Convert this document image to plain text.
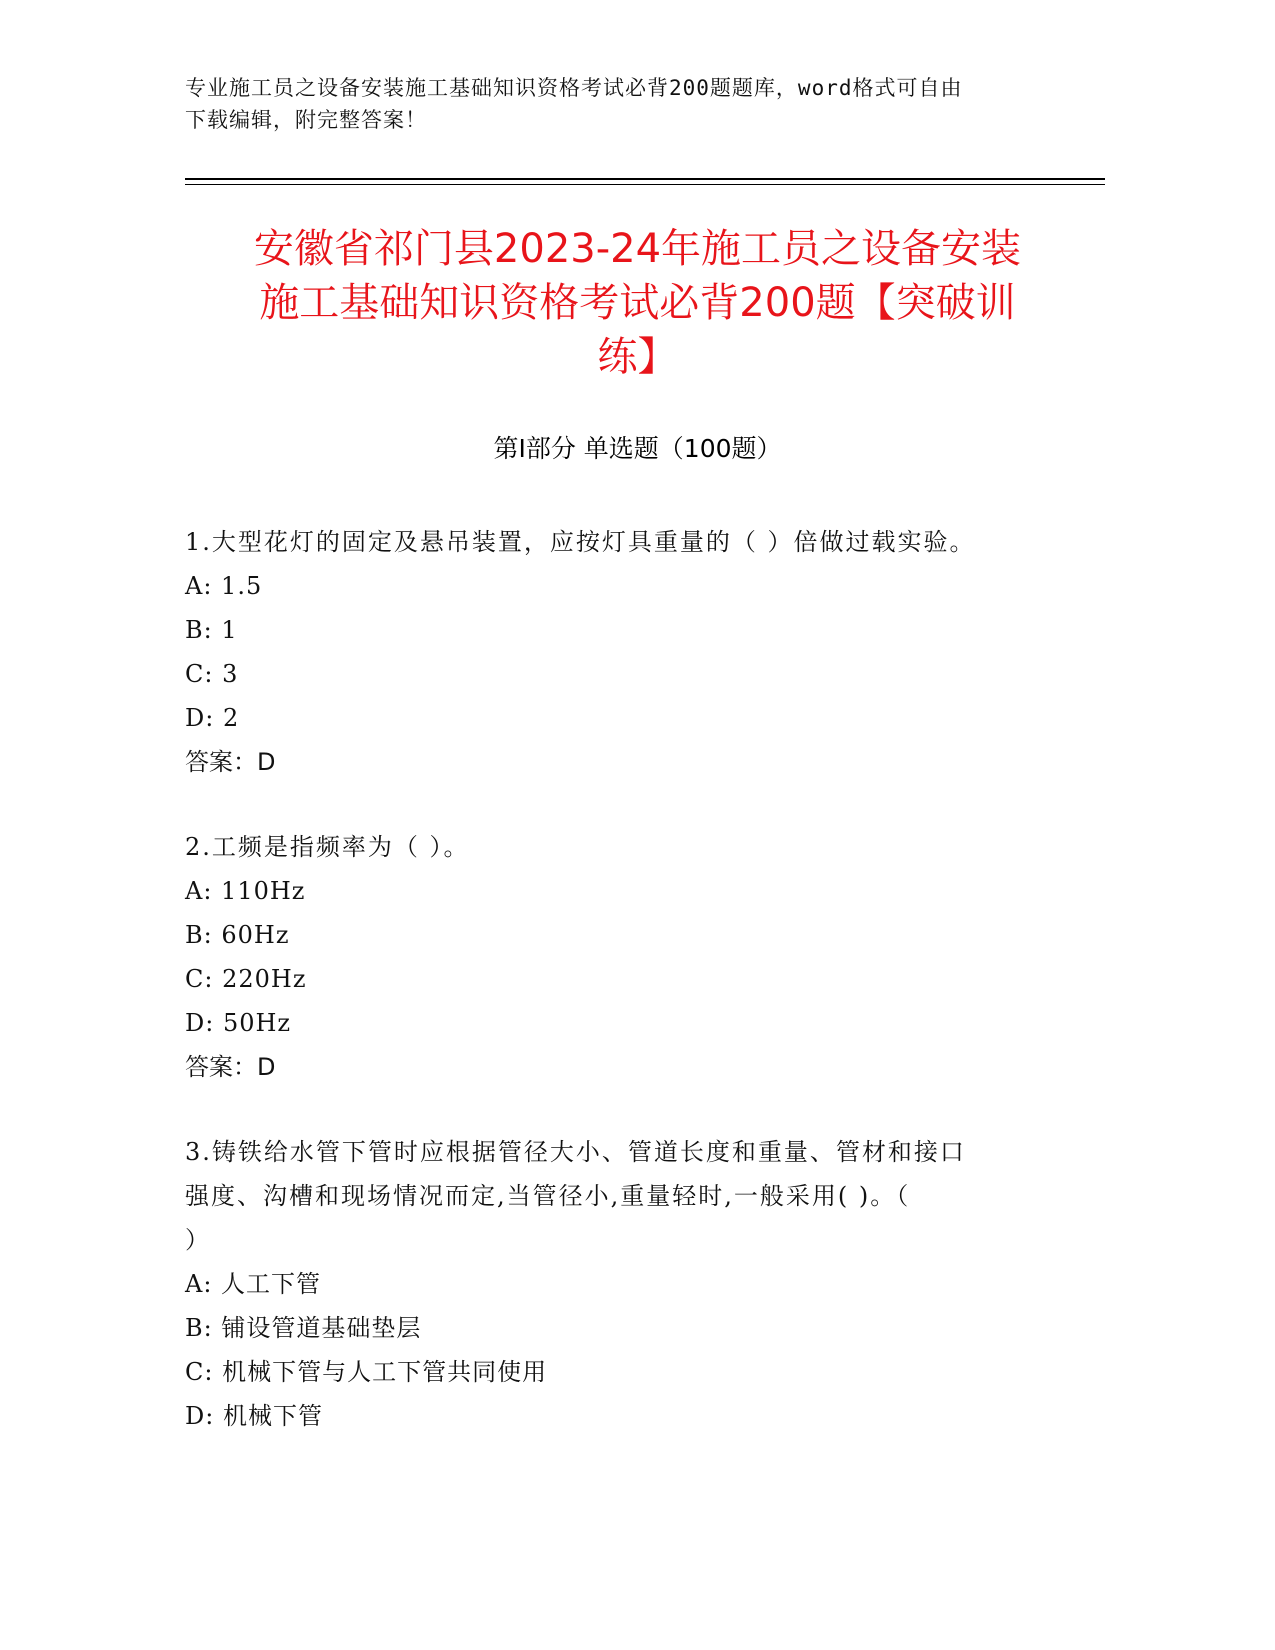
专业施工员之设备安装施工基础知识资格考试必背200题题库，word格式可自由
下载编辑，附完整答案！
安徽省祁门县2023-24年施工员之设备安装
施工基础知识资格考试必背200题【突破训
练】
第Ⅰ部分 单选题（100题）
1.大型花灯的固定及悬吊装置，应按灯具重量的（ ）倍做过载实验。
A: 1.5
B: 1
C: 3
D: 2
答案：D
2.工频是指频率为（ ）。
A: 110Hz
B: 60Hz
C: 220Hz
D: 50Hz
答案：D
3.铸铁给水管下管时应根据管径大小、管道长度和重量、管材和接口
强度、沟槽和现场情况而定,当管径小,重量轻时,一般采用( )。（
）
A: 人工下管
B: 铺设管道基础垫层
C: 机械下管与人工下管共同使用
D: 机械下管
